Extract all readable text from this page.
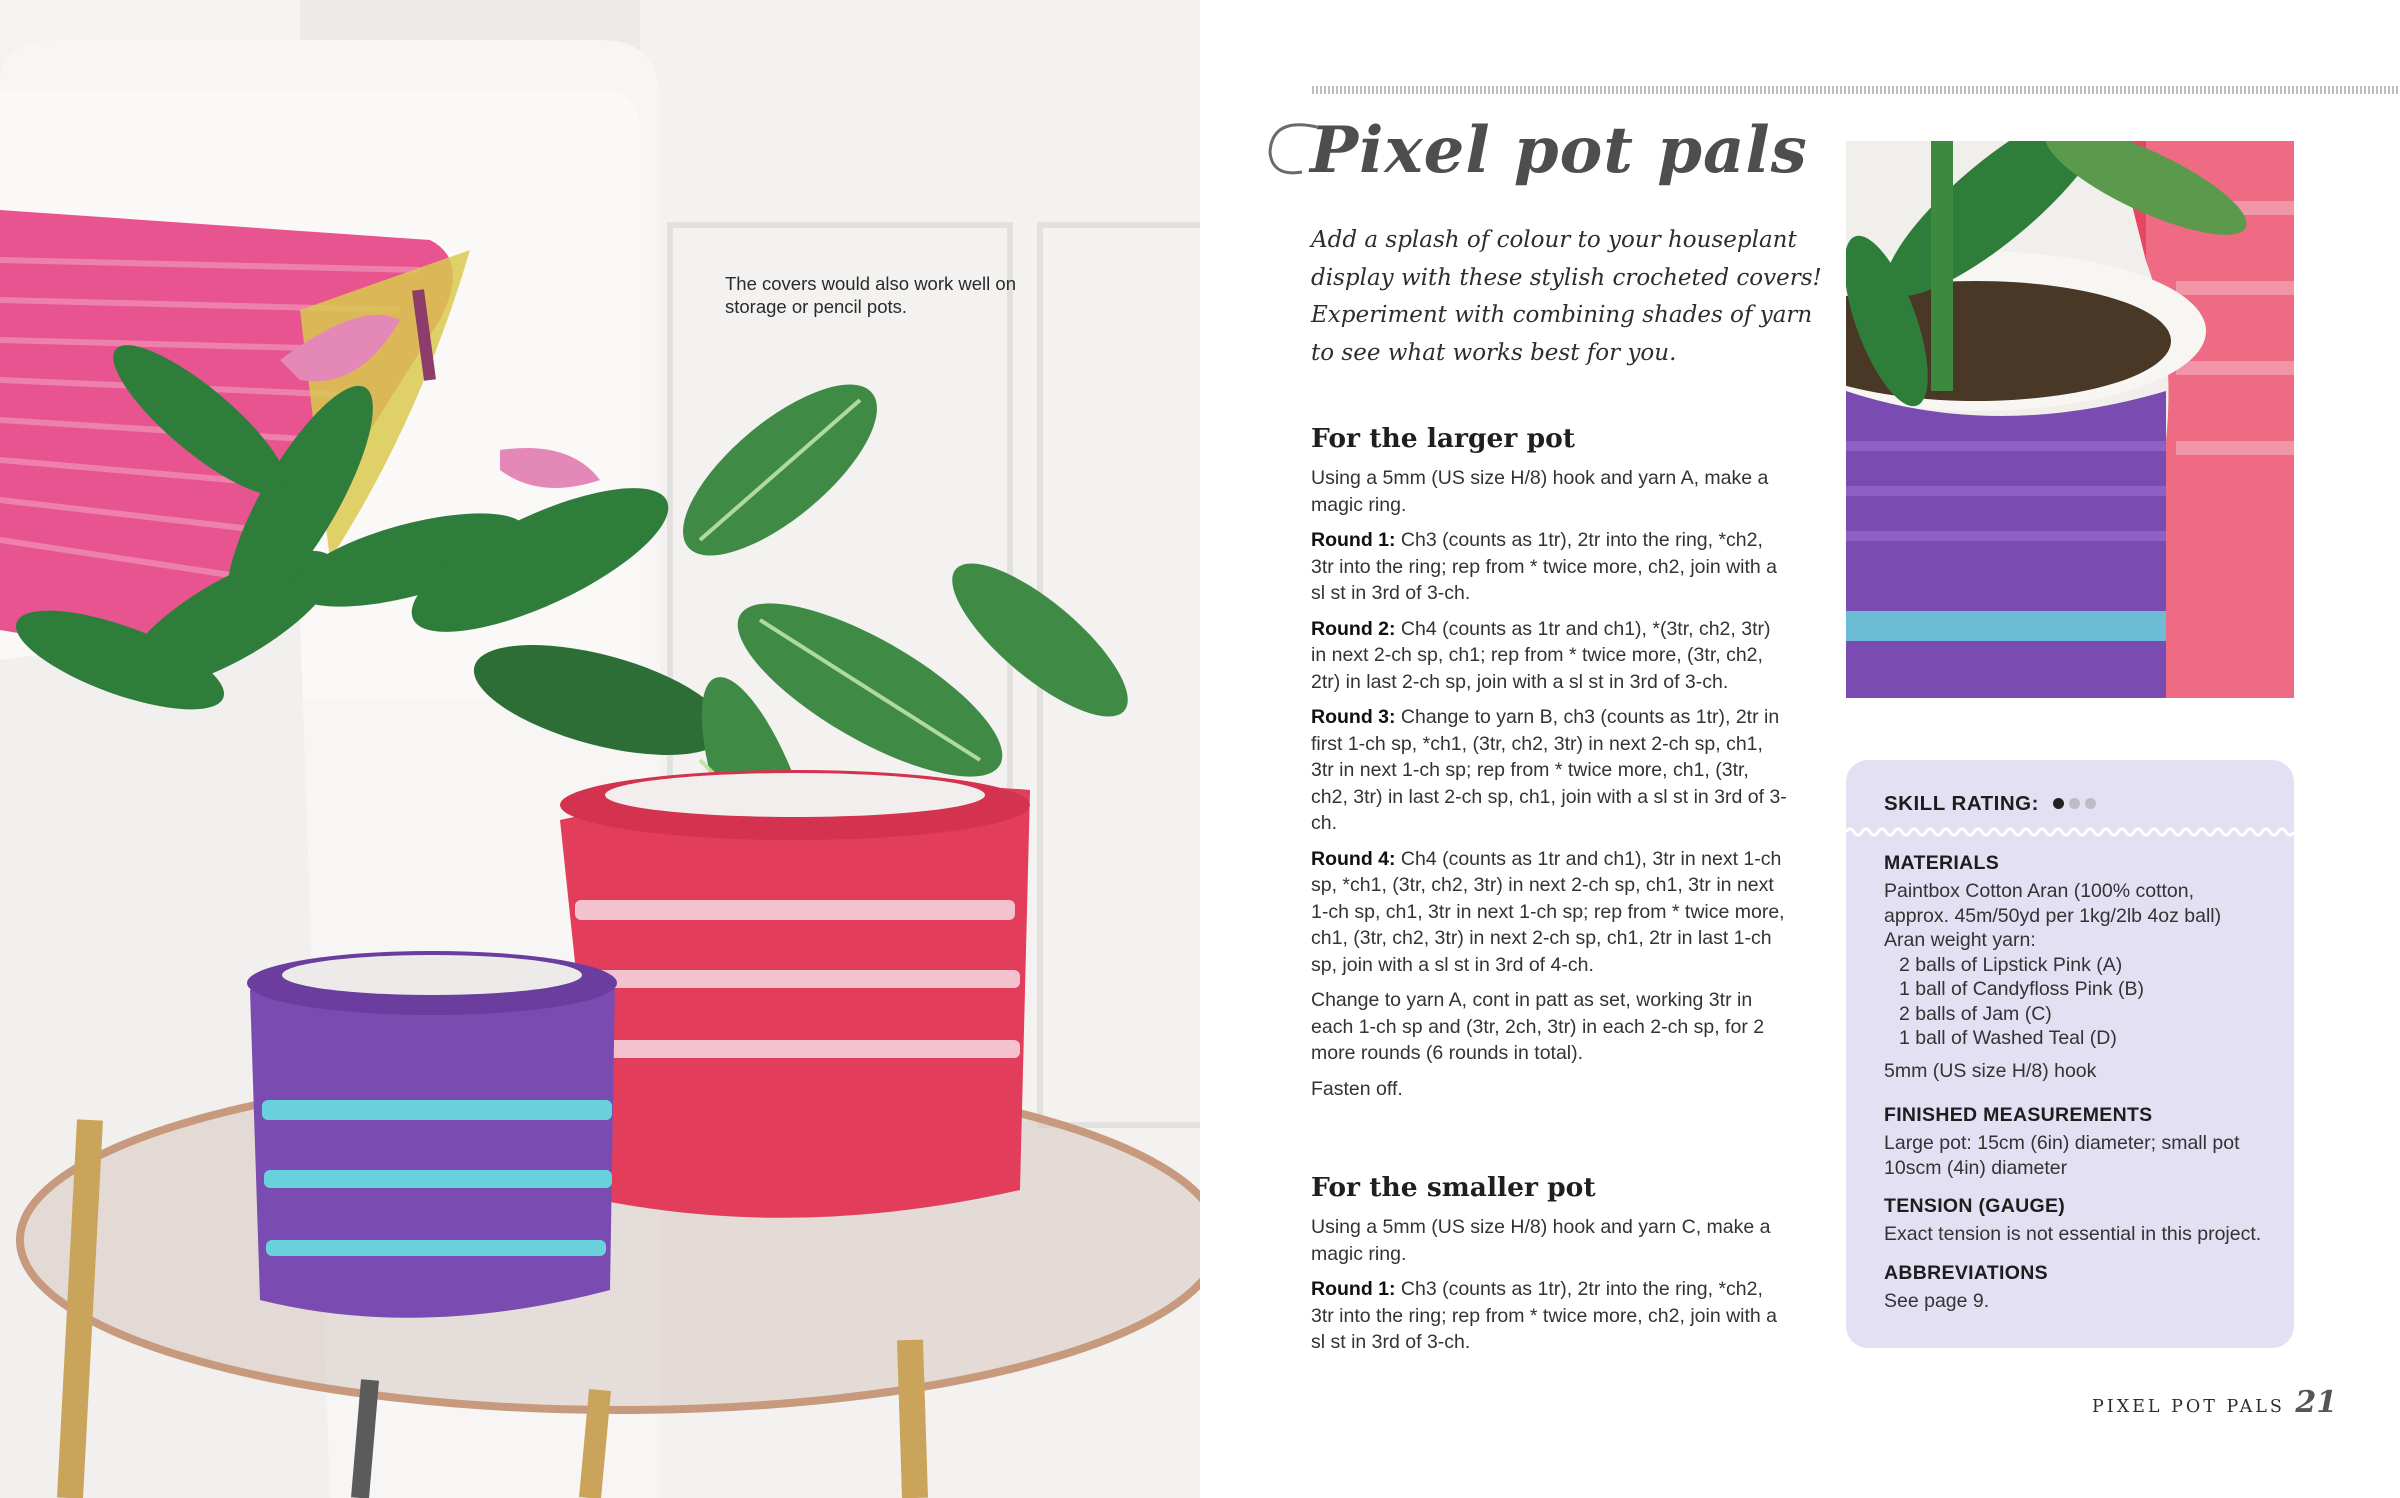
The covers would also work well on storage or pencil pots.
Pixel pot pals
Add a splash of colour to your houseplant display with these stylish crocheted covers! Experiment with combining shades of yarn to see what works best for you.
For the larger pot

Using a 5mm (US size H/8) hook and yarn A, make a magic ring.

Round 1: Ch3 (counts as 1tr), 2tr into the ring, *ch2, 3tr into the ring; rep from * twice more, ch2, join with a sl st in 3rd of 3-ch.

Round 2: Ch4 (counts as 1tr and ch1), *(3tr, ch2, 3tr) in next 2-ch sp, ch1; rep from * twice more, (3tr, ch2, 2tr) in last 2-ch sp, join with a sl st in 3rd of 3-ch.

Round 3: Change to yarn B, ch3 (counts as 1tr), 2tr in first 1-ch sp, *ch1, (3tr, ch2, 3tr) in next 2-ch sp, ch1, 3tr in next 1-ch sp; rep from * twice more, ch1, (3tr, ch2, 3tr) in last 2-ch sp, ch1, join with a sl st in 3rd of 3-ch.

Round 4: Ch4 (counts as 1tr and ch1), 3tr in next 1-ch sp, *ch1, (3tr, ch2, 3tr) in next 2-ch sp, ch1, 3tr in next 1-ch sp, ch1, 3tr in next 1-ch sp; rep from * twice more, ch1, (3tr, ch2, 3tr) in next 2-ch sp, ch1, 2tr in last 1-ch sp, join with a sl st in 3rd of 4-ch.

Change to yarn A, cont in patt as set, working 3tr in each 1-ch sp and (3tr, 2ch, 3tr) in each 2-ch sp, for 2 more rounds (6 rounds in total).

Fasten off.

For the smaller pot

Using a 5mm (US size H/8) hook and yarn C, make a magic ring.

Round 1: Ch3 (counts as 1tr), 2tr into the ring, *ch2, 3tr into the ring; rep from * twice more, ch2, join with a sl st in 3rd of 3-ch.

SKILL RATING:
MATERIALS
Paintbox Cotton Aran (100% cotton,
approx. 45m/50yd per 1kg/2lb 4oz ball)
Aran weight yarn:
2 balls of Lipstick Pink (A)
1 ball of Candyfloss Pink (B)
2 balls of Jam (C)
1 ball of Washed Teal (D)
5mm (US size H/8) hook
FINISHED MEASUREMENTS
Large pot: 15cm (6in) diameter; small pot 10scm (4in) diameter
TENSION (GAUGE)
Exact tension is not essential in this project.
ABBREVIATIONS
See page 9.
PIXEL POT PALS 21
